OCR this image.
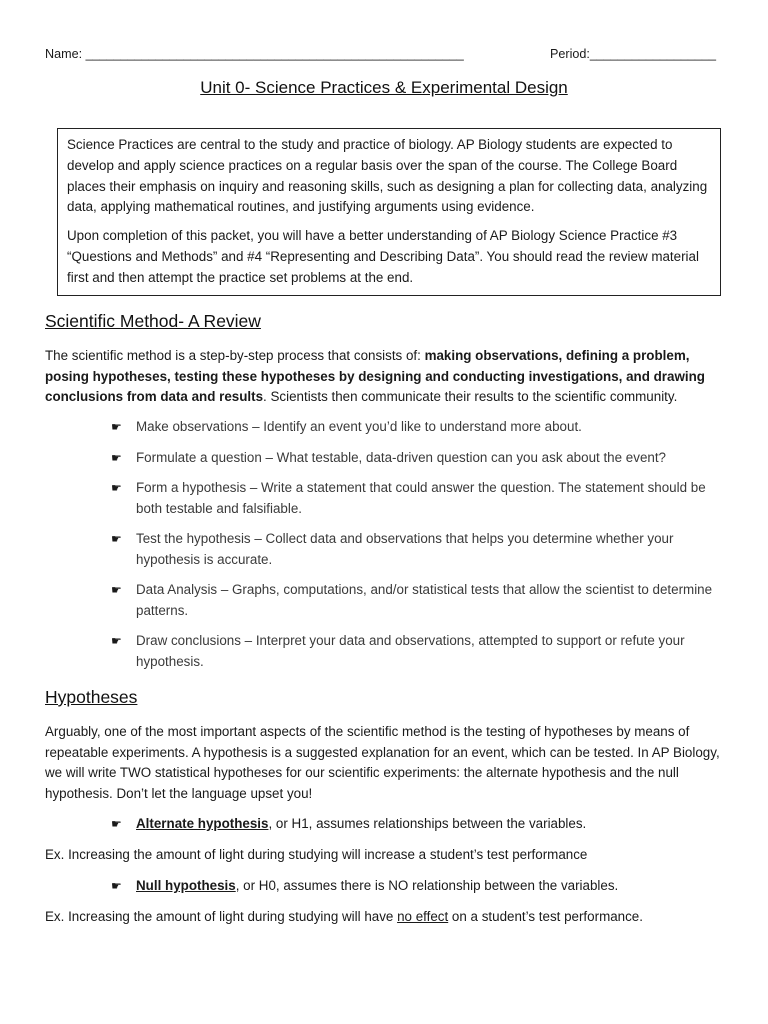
Name: ______________________________________________________	Period:__________________
Unit 0- Science Practices & Experimental Design

Science Practices are central to the study and practice of biology. AP Biology students are expected to develop and apply science practices on a regular basis over the span of the course. The College Board places their emphasis on inquiry and reasoning skills, such as designing a plan for collecting data, analyzing data, applying mathematical routines, and justifying arguments using evidence.

Upon completion of this packet, you will have a better understanding of AP Biology Science Practice #3 “Questions and Methods” and #4 “Representing and Describing Data”. You should read the review material first and then attempt the practice set problems at the end.

Scientific Method- A Review

The scientific method is a step-by-step process that consists of: making observations, defining a problem, posing hypotheses, testing these hypotheses by designing and conducting investigations, and drawing conclusions from data and results. Scientists then communicate their results to the scientific community.

☛ Make observations – Identify an event you’d like to understand more about.
☛ Formulate a question – What testable, data-driven question can you ask about the event?
☛ Form a hypothesis – Write a statement that could answer the question. The statement should be both testable and falsifiable.
☛ Test the hypothesis – Collect data and observations that helps you determine whether your hypothesis is accurate.
☛ Data Analysis – Graphs, computations, and/or statistical tests that allow the scientist to determine patterns.
☛ Draw conclusions – Interpret your data and observations, attempted to support or refute your hypothesis.
Hypotheses

Arguably, one of the most important aspects of the scientific method is the testing of hypotheses by means of repeatable experiments. A hypothesis is a suggested explanation for an event, which can be tested. In AP Biology, we will write TWO statistical hypotheses for our scientific experiments: the alternate hypothesis and the null hypothesis. Don’t let the language upset you!

☛ Alternate hypothesis, or H1, assumes relationships between the variables.
Ex. Increasing the amount of light during studying will increase a student’s test performance
☛ Null hypothesis, or H0, assumes there is NO relationship between the variables.
Ex. Increasing the amount of light during studying will have no effect on a student’s test performance.
